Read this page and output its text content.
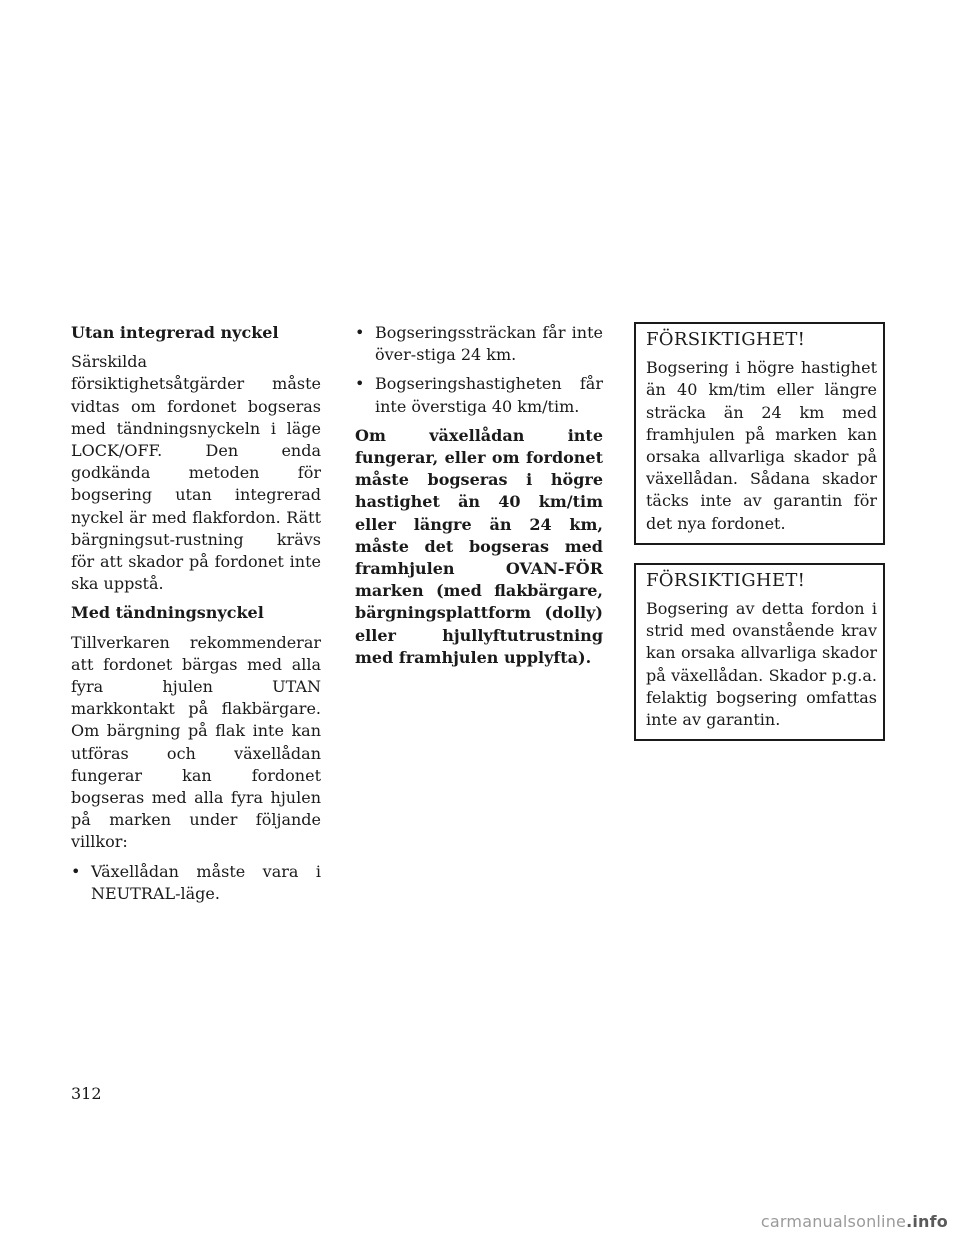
Utan integrerad nyckel

Särskilda försiktighetsåtgärder måste vidtas om fordonet bogseras med tändningsnyckeln i läge LOCK/OFF. Den enda godkända metoden för bogsering utan integrerad nyckel är med flakfordon. Rätt bärgningsut-rustning krävs för att skador på fordonet inte ska uppstå.

Med tändningsnyckel

Tillverkaren rekommenderar att fordonet bärgas med alla fyra hjulen UTAN markkontakt på flakbärgare. Om bärgning på flak inte kan utföras och växellådan fungerar kan fordonet bogseras med alla fyra hjulen på marken under följande villkor:

• Växellådan måste vara i NEUTRAL-läge.
• Bogseringssträckan får inte över-stiga 24 km.
• Bogseringshastigheten får inte överstiga 40 km/tim.

Om växellådan inte fungerar, eller om fordonet måste bogseras i högre hastighet än 40 km/tim eller längre än 24 km, måste det bogseras med framhjulen OVAN-FÖR marken (med flakbärgare, bärgningsplattform (dolly) eller hjullyftutrustning med framhjulen upplyfta).

FÖRSIKTIGHET!

Bogsering i högre hastighet än 40 km/tim eller längre sträcka än 24 km med framhjulen på marken kan orsaka allvarliga skador på växellådan. Sådana skador täcks inte av garantin för det nya fordonet.

FÖRSIKTIGHET!

Bogsering av detta fordon i strid med ovanstående krav kan orsaka allvarliga skador på växellådan. Skador p.g.a. felaktig bogsering omfattas inte av garantin.

312
carmanualsonline.info
